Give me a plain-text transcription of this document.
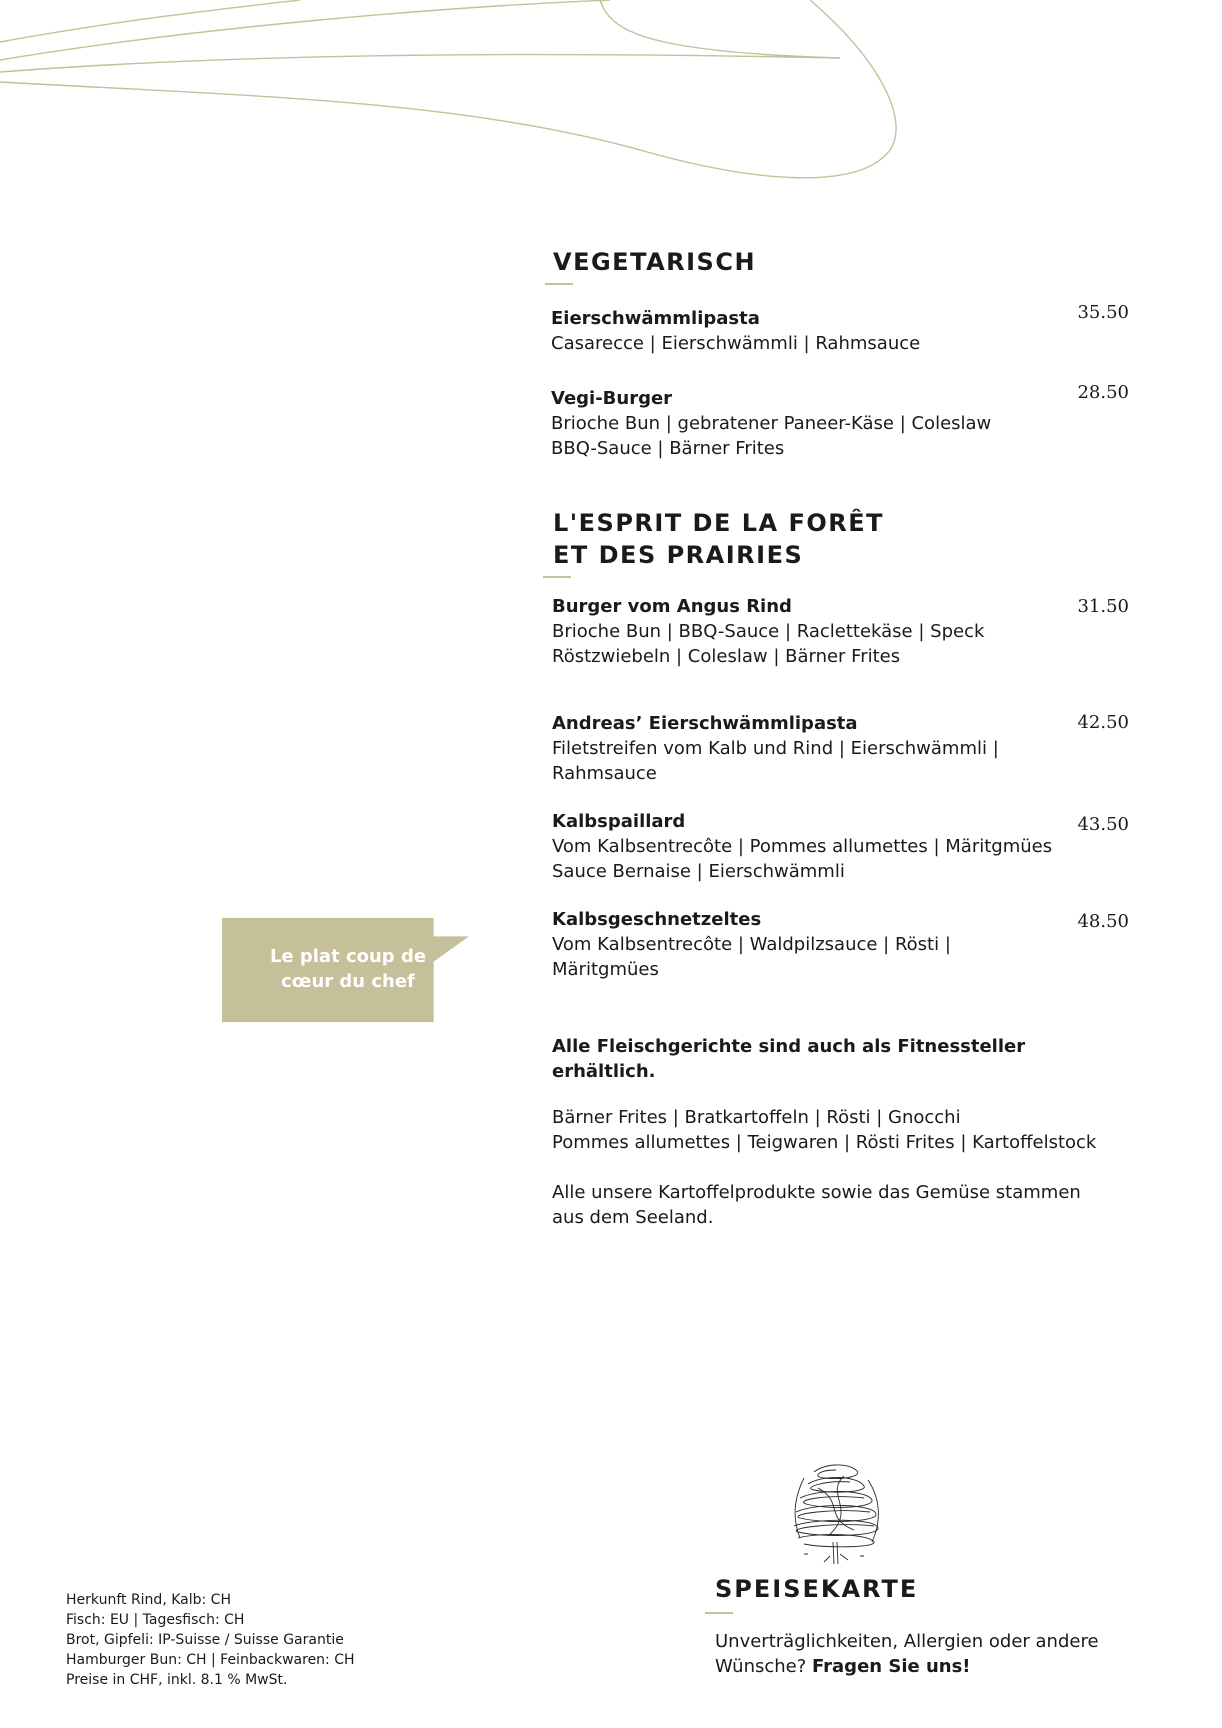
VEGETARISCH
Eierschwämmlipasta
Casarecce | Eierschwämmli | Rahmsauce
35.50
Vegi-Burger
Brioche Bun | gebratener Paneer-Käse | Coleslaw
BBQ-Sauce | Bärner Frites
28.50
L'ESPRIT DE LA FORÊT
ET DES PRAIRIES
Burger vom Angus Rind
Brioche Bun | BBQ-Sauce | Raclettekäse | Speck
Röstzwiebeln | Coleslaw | Bärner Frites
31.50
Andreas’ Eierschwämmlipasta
Filetstreifen vom Kalb und Rind | Eierschwämmli |
Rahmsauce
42.50
Kalbspaillard
Vom Kalbsentrecôte | Pommes allumettes | Märitgmües
Sauce Bernaise | Eierschwämmli
43.50
Kalbsgeschnetzeltes
Vom Kalbsentrecôte | Waldpilzsauce | Rösti |
Märitgmües
48.50
Le plat coup de
cœur du chef
Alle Fleischgerichte sind auch als Fitnessteller
erhältlich.
Bärner Frites | Bratkartoffeln | Rösti | Gnocchi
Pommes allumettes | Teigwaren | Rösti Frites | Kartoffelstock
Alle unsere Kartoffelprodukte sowie das Gemüse stammen
aus dem Seeland.
SPEISEKARTE
Unverträglichkeiten, Allergien oder andere
Wünsche? Fragen Sie uns!
Herkunft Rind, Kalb: CH
Fisch: EU | Tagesfisch: CH
Brot, Gipfeli: IP-Suisse / Suisse Garantie
Hamburger Bun: CH | Feinbackwaren: CH
Preise in CHF, inkl. 8.1 % MwSt.
